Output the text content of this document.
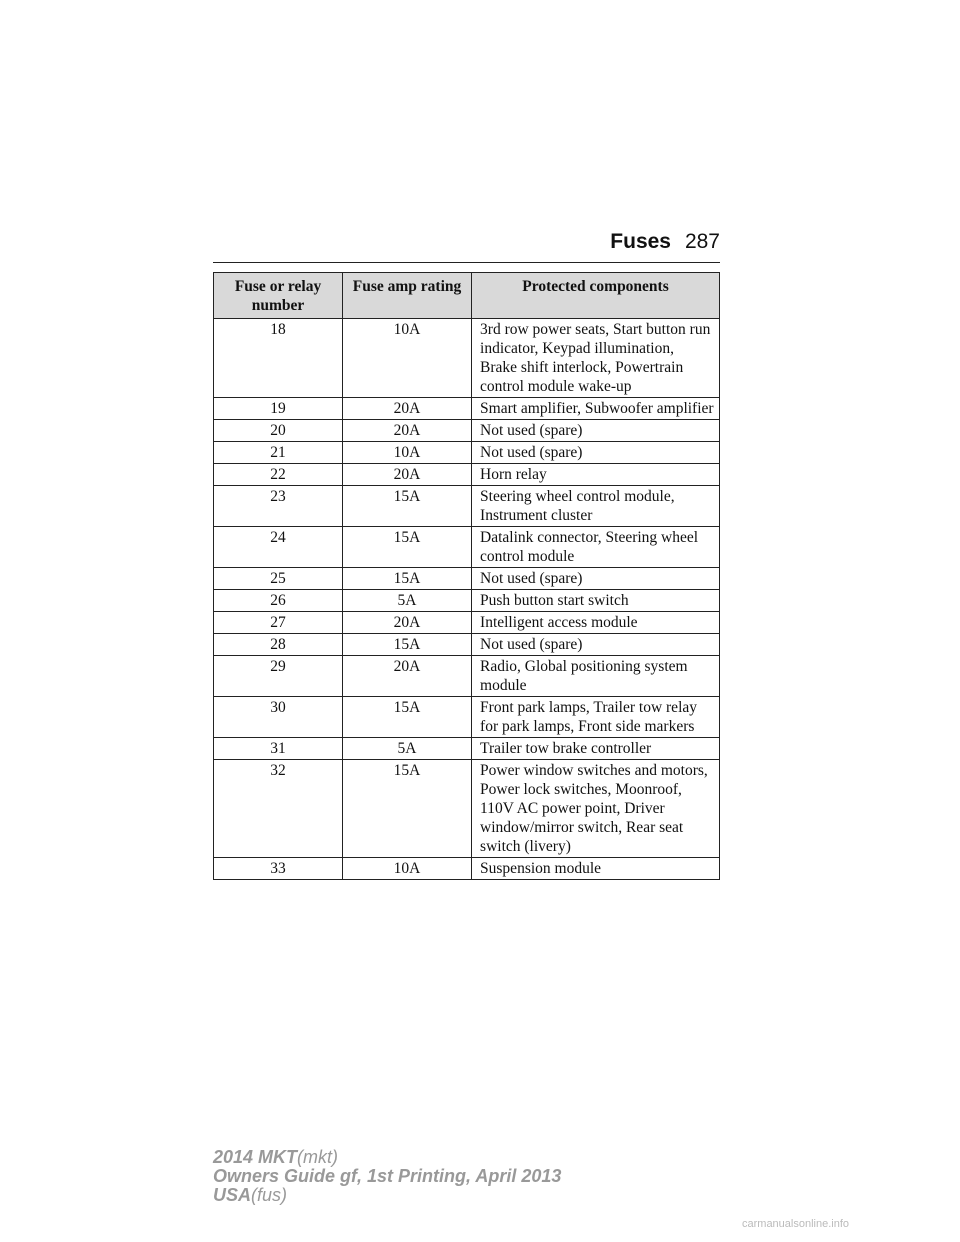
Fuses 287
Fuse or relay number	Fuse amp rating	Protected components
18	10A	3rd row power seats, Start button run indicator, Keypad illumination, Brake shift interlock, Powertrain control module wake-up
19	20A	Smart amplifier, Subwoofer amplifier
20	20A	Not used (spare)
21	10A	Not used (spare)
22	20A	Horn relay
23	15A	Steering wheel control module, Instrument cluster
24	15A	Datalink connector, Steering wheel control module
25	15A	Not used (spare)
26	5A	Push button start switch
27	20A	Intelligent access module
28	15A	Not used (spare)
29	20A	Radio, Global positioning system module
30	15A	Front park lamps, Trailer tow relay for park lamps, Front side markers
31	5A	Trailer tow brake controller
32	15A	Power window switches and motors, Power lock switches, Moonroof, 110V AC power point, Driver window/mirror switch, Rear seat switch (livery)
33	10A	Suspension module
2014 MKT(mkt)
Owners Guide gf, 1st Printing, April 2013
USA(fus)
carmanualsonline.info
